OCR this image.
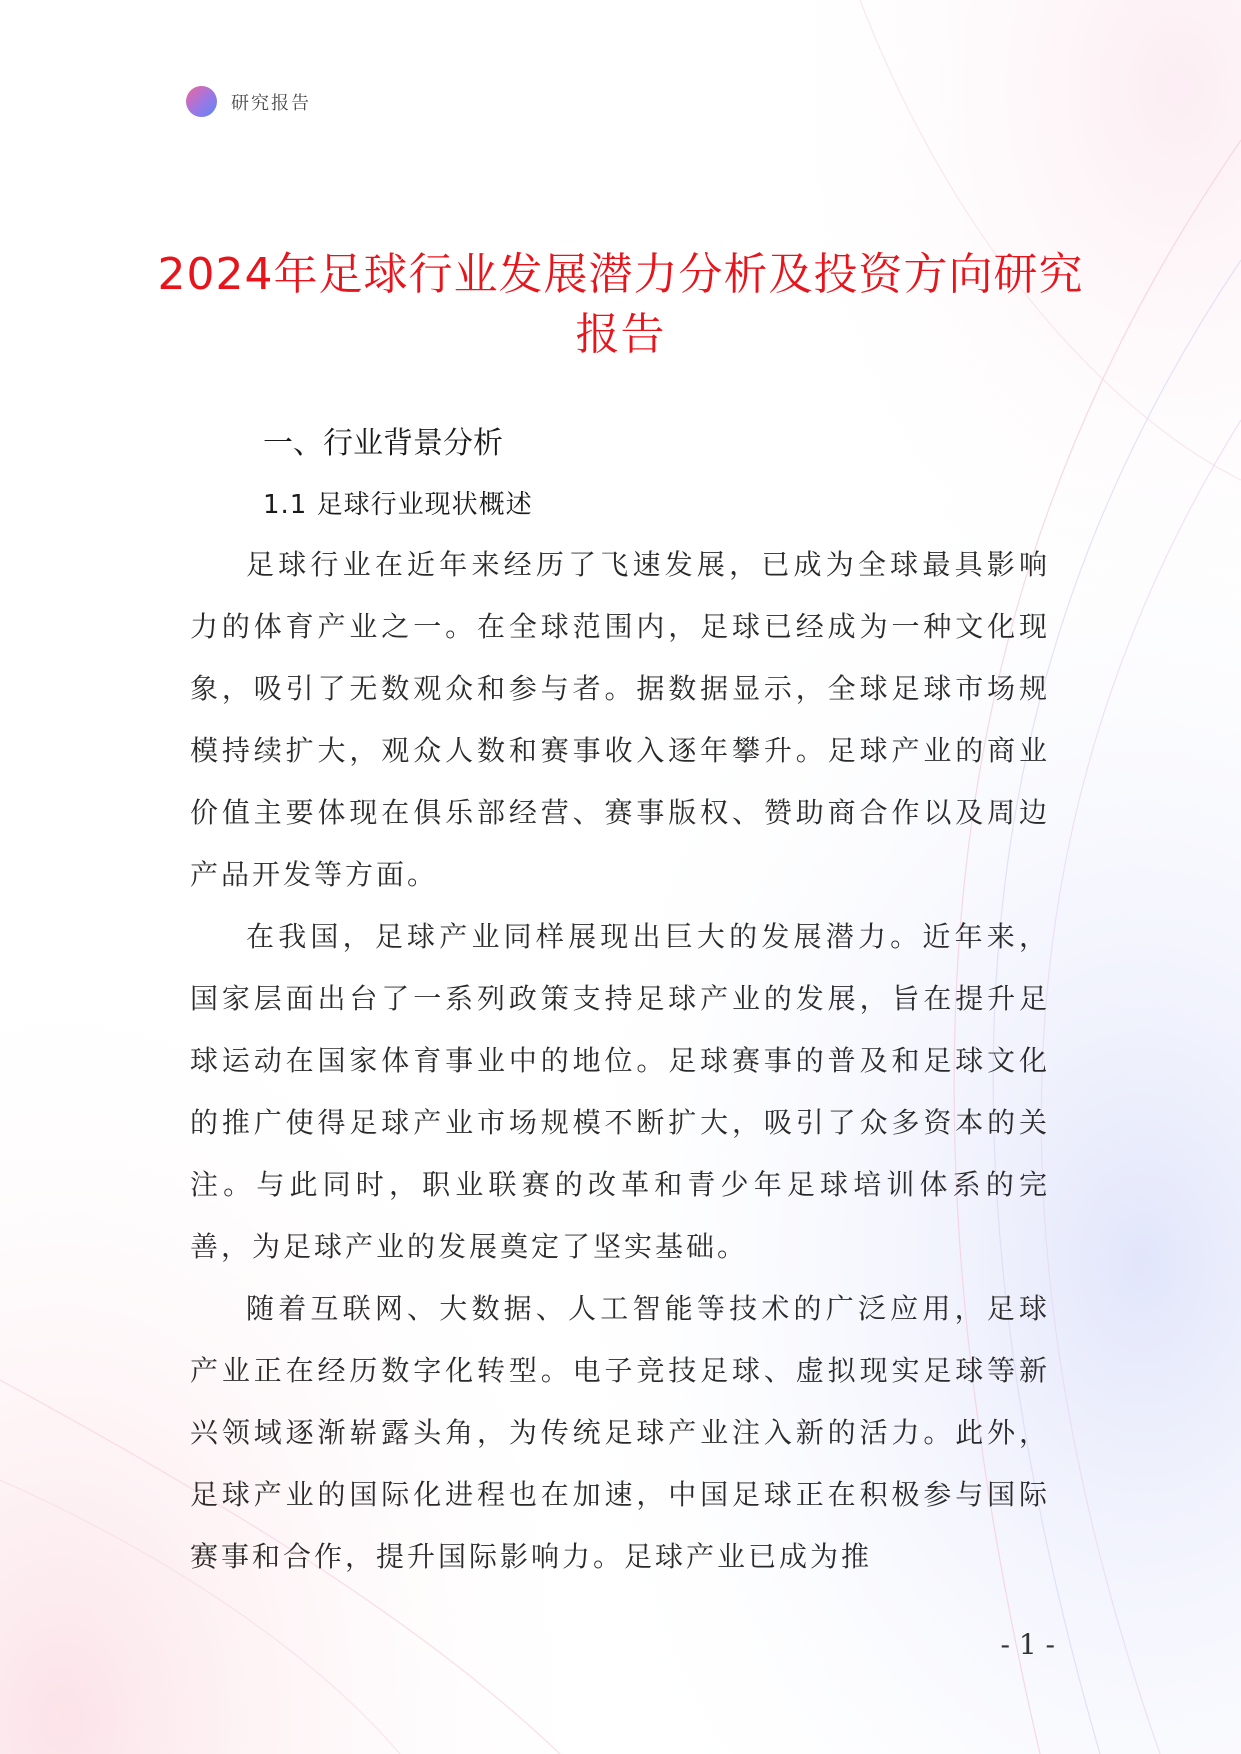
研究报告
2024年足球行业发展潜力分析及投资方向研究报告
一、行业背景分析
1.1 足球行业现状概述

足球行业在近年来经历了飞速发展，已成为全球最具影响力的体育产业之一。在全球范围内，足球已经成为一种文化现象，吸引了无数观众和参与者。据数据显示，全球足球市场规模持续扩大，观众人数和赛事收入逐年攀升。足球产业的商业价值主要体现在俱乐部经营、赛事版权、赞助商合作以及周边产品开发等方面。

在我国，足球产业同样展现出巨大的发展潜力。近年来，国家层面出台了一系列政策支持足球产业的发展，旨在提升足球运动在国家体育事业中的地位。足球赛事的普及和足球文化的推广使得足球产业市场规模不断扩大，吸引了众多资本的关注。与此同时，职业联赛的改革和青少年足球培训体系的完善，为足球产业的发展奠定了坚实基础。

随着互联网、大数据、人工智能等技术的广泛应用，足球产业正在经历数字化转型。电子竞技足球、虚拟现实足球等新兴领域逐渐崭露头角，为传统足球产业注入新的活力。此外，足球产业的国际化进程也在加速，中国足球正在积极参与国际赛事和合作，提升国际影响力。足球产业已成为推

- 1 -
